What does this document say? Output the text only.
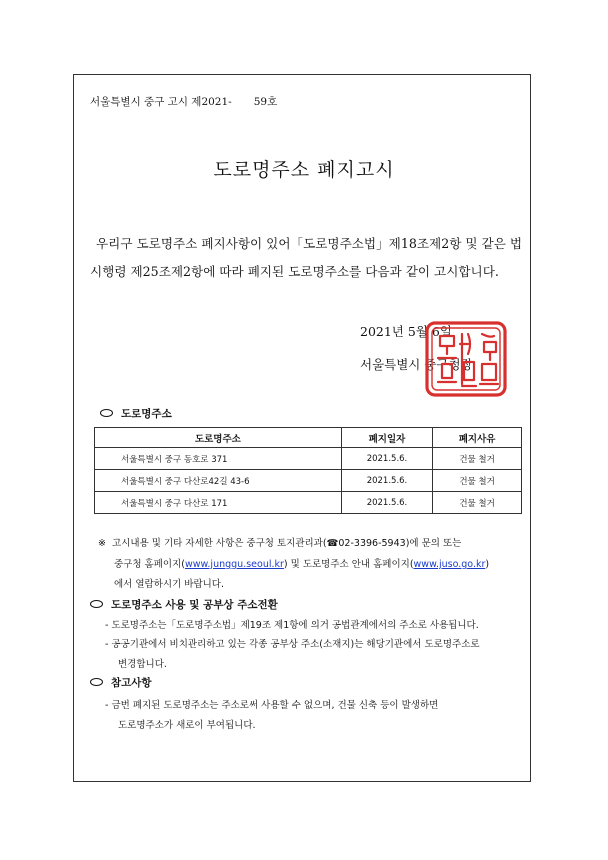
서울특별시 중구 고시 제2021- 59호
도로명주소 폐지고시
우리구 도로명주소 폐지사항이 있어「도로명주소법」제18조제2항 및 같은 법
시행령 제25조제2항에 따라 폐지된 도로명주소를 다음과 같이 고시합니다.
2021년 5월 6일
서울특별시 중구청장
도로명주소
도로명주소	폐지일자	폐지사유
서울특별시 중구 동호로 371	2021.5.6.	건물 철거
서울특별시 중구 다산로42길 43-6	2021.5.6.	건물 철거
서울특별시 중구 다산로 171	2021.5.6.	건물 철거
※ 고시내용 및 기타 자세한 사항은 중구청 토지관리과(☎02-3396-5943)에 문의 또는
중구청 홈페이지(www.junggu.seoul.kr) 및 도로명주소 안내 홈페이지(www.juso.go.kr)
에서 열람하시기 바랍니다.
도로명주소 사용 및 공부상 주소전환
- 도로명주소는「도로명주소법」제19조 제1항에 의거 공법관계에서의 주소로 사용됩니다.
- 공공기관에서 비치관리하고 있는 각종 공부상 주소(소재지)는 해당기관에서 도로명주소로
변경합니다.
참고사항
- 금번 폐지된 도로명주소는 주소로써 사용할 수 없으며, 건물 신축 등이 발생하면
도로명주소가 새로이 부여됩니다.
